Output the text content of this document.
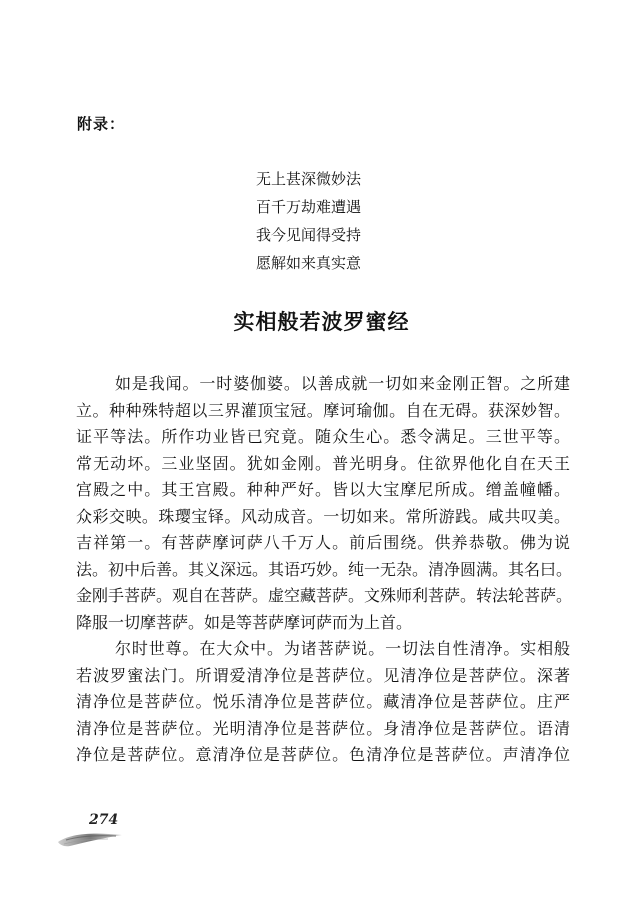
附录：
无上甚深微妙法
百千万劫难遭遇
我今见闻得受持
愿解如来真实意
实相般若波罗蜜经
如是我闻。一时婆伽婆。以善成就一切如来金刚正智。之所建
立。种种殊特超以三界灌顶宝冠。摩诃瑜伽。自在无碍。获深妙智。
证平等法。所作功业皆已究竟。随众生心。悉令满足。三世平等。
常无动坏。三业坚固。犹如金刚。普光明身。住欲界他化自在天王
宫殿之中。其王宫殿。种种严好。皆以大宝摩尼所成。缯盖幢幡。
众彩交映。珠璎宝铎。风动成音。一切如来。常所游践。咸共叹美。
吉祥第一。有菩萨摩诃萨八千万人。前后围绕。供养恭敬。佛为说
法。初中后善。其义深远。其语巧妙。纯一无杂。清净圆满。其名曰。
金刚手菩萨。观自在菩萨。虚空藏菩萨。文殊师利菩萨。转法轮菩萨。
降服一切摩菩萨。如是等菩萨摩诃萨而为上首。
尔时世尊。在大众中。为诸菩萨说。一切法自性清净。实相般
若波罗蜜法门。所谓爱清净位是菩萨位。见清净位是菩萨位。深著
清净位是菩萨位。悦乐清净位是菩萨位。藏清净位是菩萨位。庄严
清净位是菩萨位。光明清净位是菩萨位。身清净位是菩萨位。语清
净位是菩萨位。意清净位是菩萨位。色清净位是菩萨位。声清净位
274
